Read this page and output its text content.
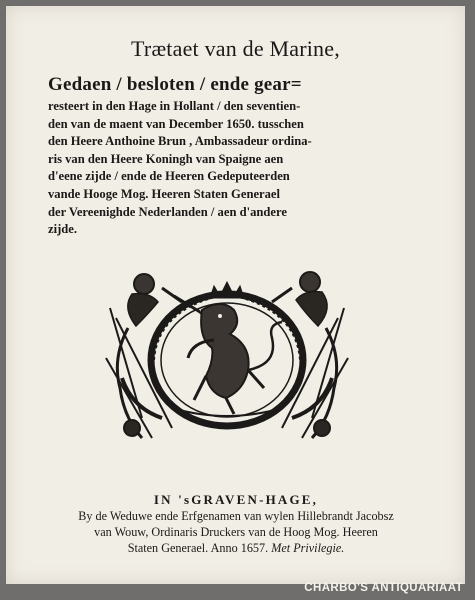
Trætaet van de Marine,
Gedaen / besloten / ende gear=
resteert in den Hage in Hollant / den seventien-
den van de maent van December 1650. tusschen
den Heere Anthoine Brun , Ambassadeur ordina-
ris van den Heere Koningh van Spaigne aen
d'eene zijde / ende de Heeren Gedeputeerden
vande Hooge Mog. Heeren Staten Generael
der Vereenighde Nederlanden / aen d'andere
zijde.
IN 'sGRAVEN-HAGE,
By de Weduwe ende Erfgenamen van wylen Hillebrandt Jacobsz
van Wouw, Ordinaris Druckers van de Hoog Mog. Heeren
Staten Generael. Anno 1657. Met Privilegie.
CHARBO'S ANTIQUARIAAT
